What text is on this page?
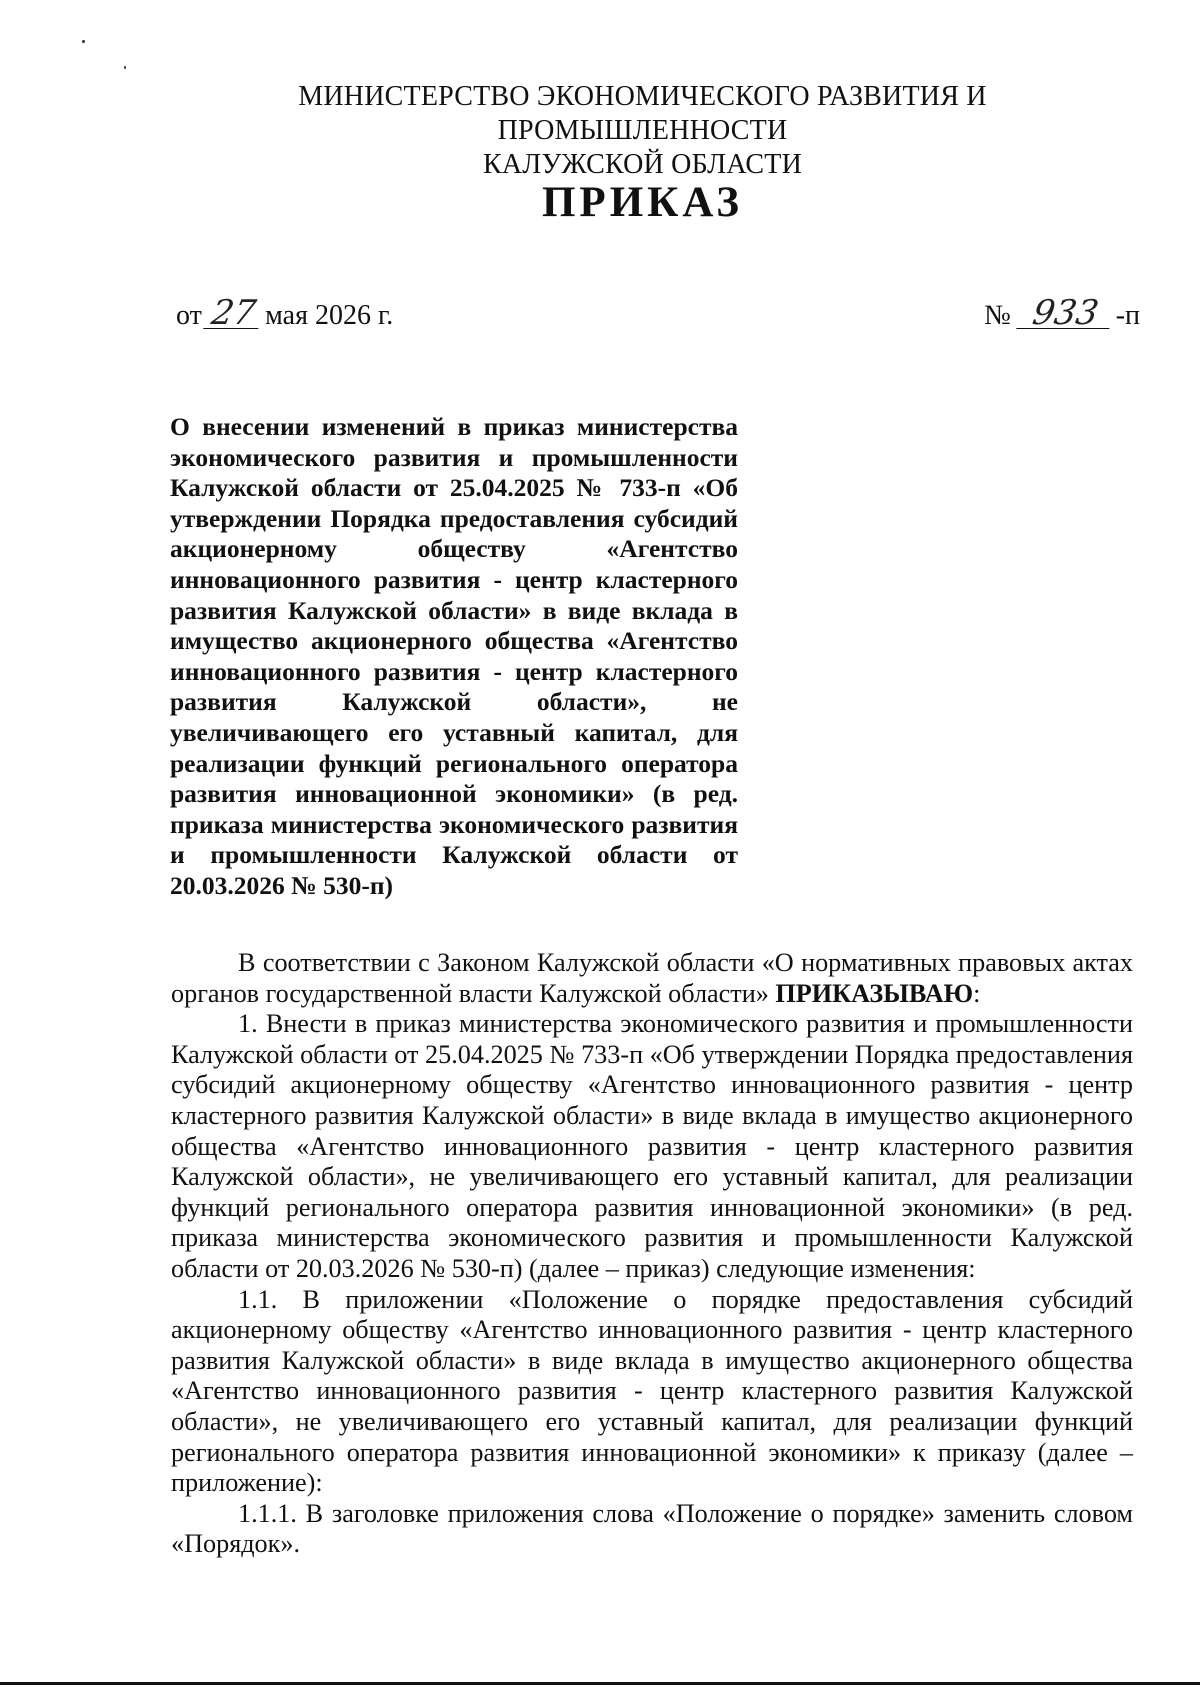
МИНИСТЕРСТВО ЭКОНОМИЧЕСКОГО РАЗВИТИЯ И ПРОМЫШЛЕННОСТИ
КАЛУЖСКОЙ ОБЛАСТИ
ПРИКАЗ
от 27 мая 2026 г.	№ 933 -п
О внесении изменений в приказ министерства экономического развития и промышленности Калужской области от 25.04.2025 № 733-п «Об утверждении Порядка предоставления субсидий акционерному обществу «Агентство инновационного развития - центр кластерного развития Калужской области» в виде вклада в имущество акционерного общества «Агентство инновационного развития - центр кластерного развития Калужской области», не увеличивающего его уставный капитал, для реализации функций регионального оператора развития инновационной экономики» (в ред. приказа министерства экономического развития и промышленности Калужской области от 20.03.2026 № 530-п)

В соответствии с Законом Калужской области «О нормативных правовых актах органов государственной власти Калужской области» ПРИКАЗЫВАЮ:

1. Внести в приказ министерства экономического развития и промышленности Калужской области от 25.04.2025 № 733-п «Об утверждении Порядка предоставления субсидий акционерному обществу «Агентство инновационного развития - центр кластерного развития Калужской области» в виде вклада в имущество акционерного общества «Агентство инновационного развития - центр кластерного развития Калужской области», не увеличивающего его уставный капитал, для реализации функций регионального оператора развития инновационной экономики» (в ред. приказа министерства экономического развития и промышленности Калужской области от 20.03.2026 № 530-п) (далее – приказ) следующие изменения:

1.1. В приложении «Положение о порядке предоставления субсидий акционерному обществу «Агентство инновационного развития - центр кластерного развития Калужской области» в виде вклада в имущество акционерного общества «Агентство инновационного развития - центр кластерного развития Калужской области», не увеличивающего его уставный капитал, для реализации функций регионального оператора развития инновационной экономики» к приказу (далее – приложение):

1.1.1. В заголовке приложения слова «Положение о порядке» заменить словом «Порядок».
